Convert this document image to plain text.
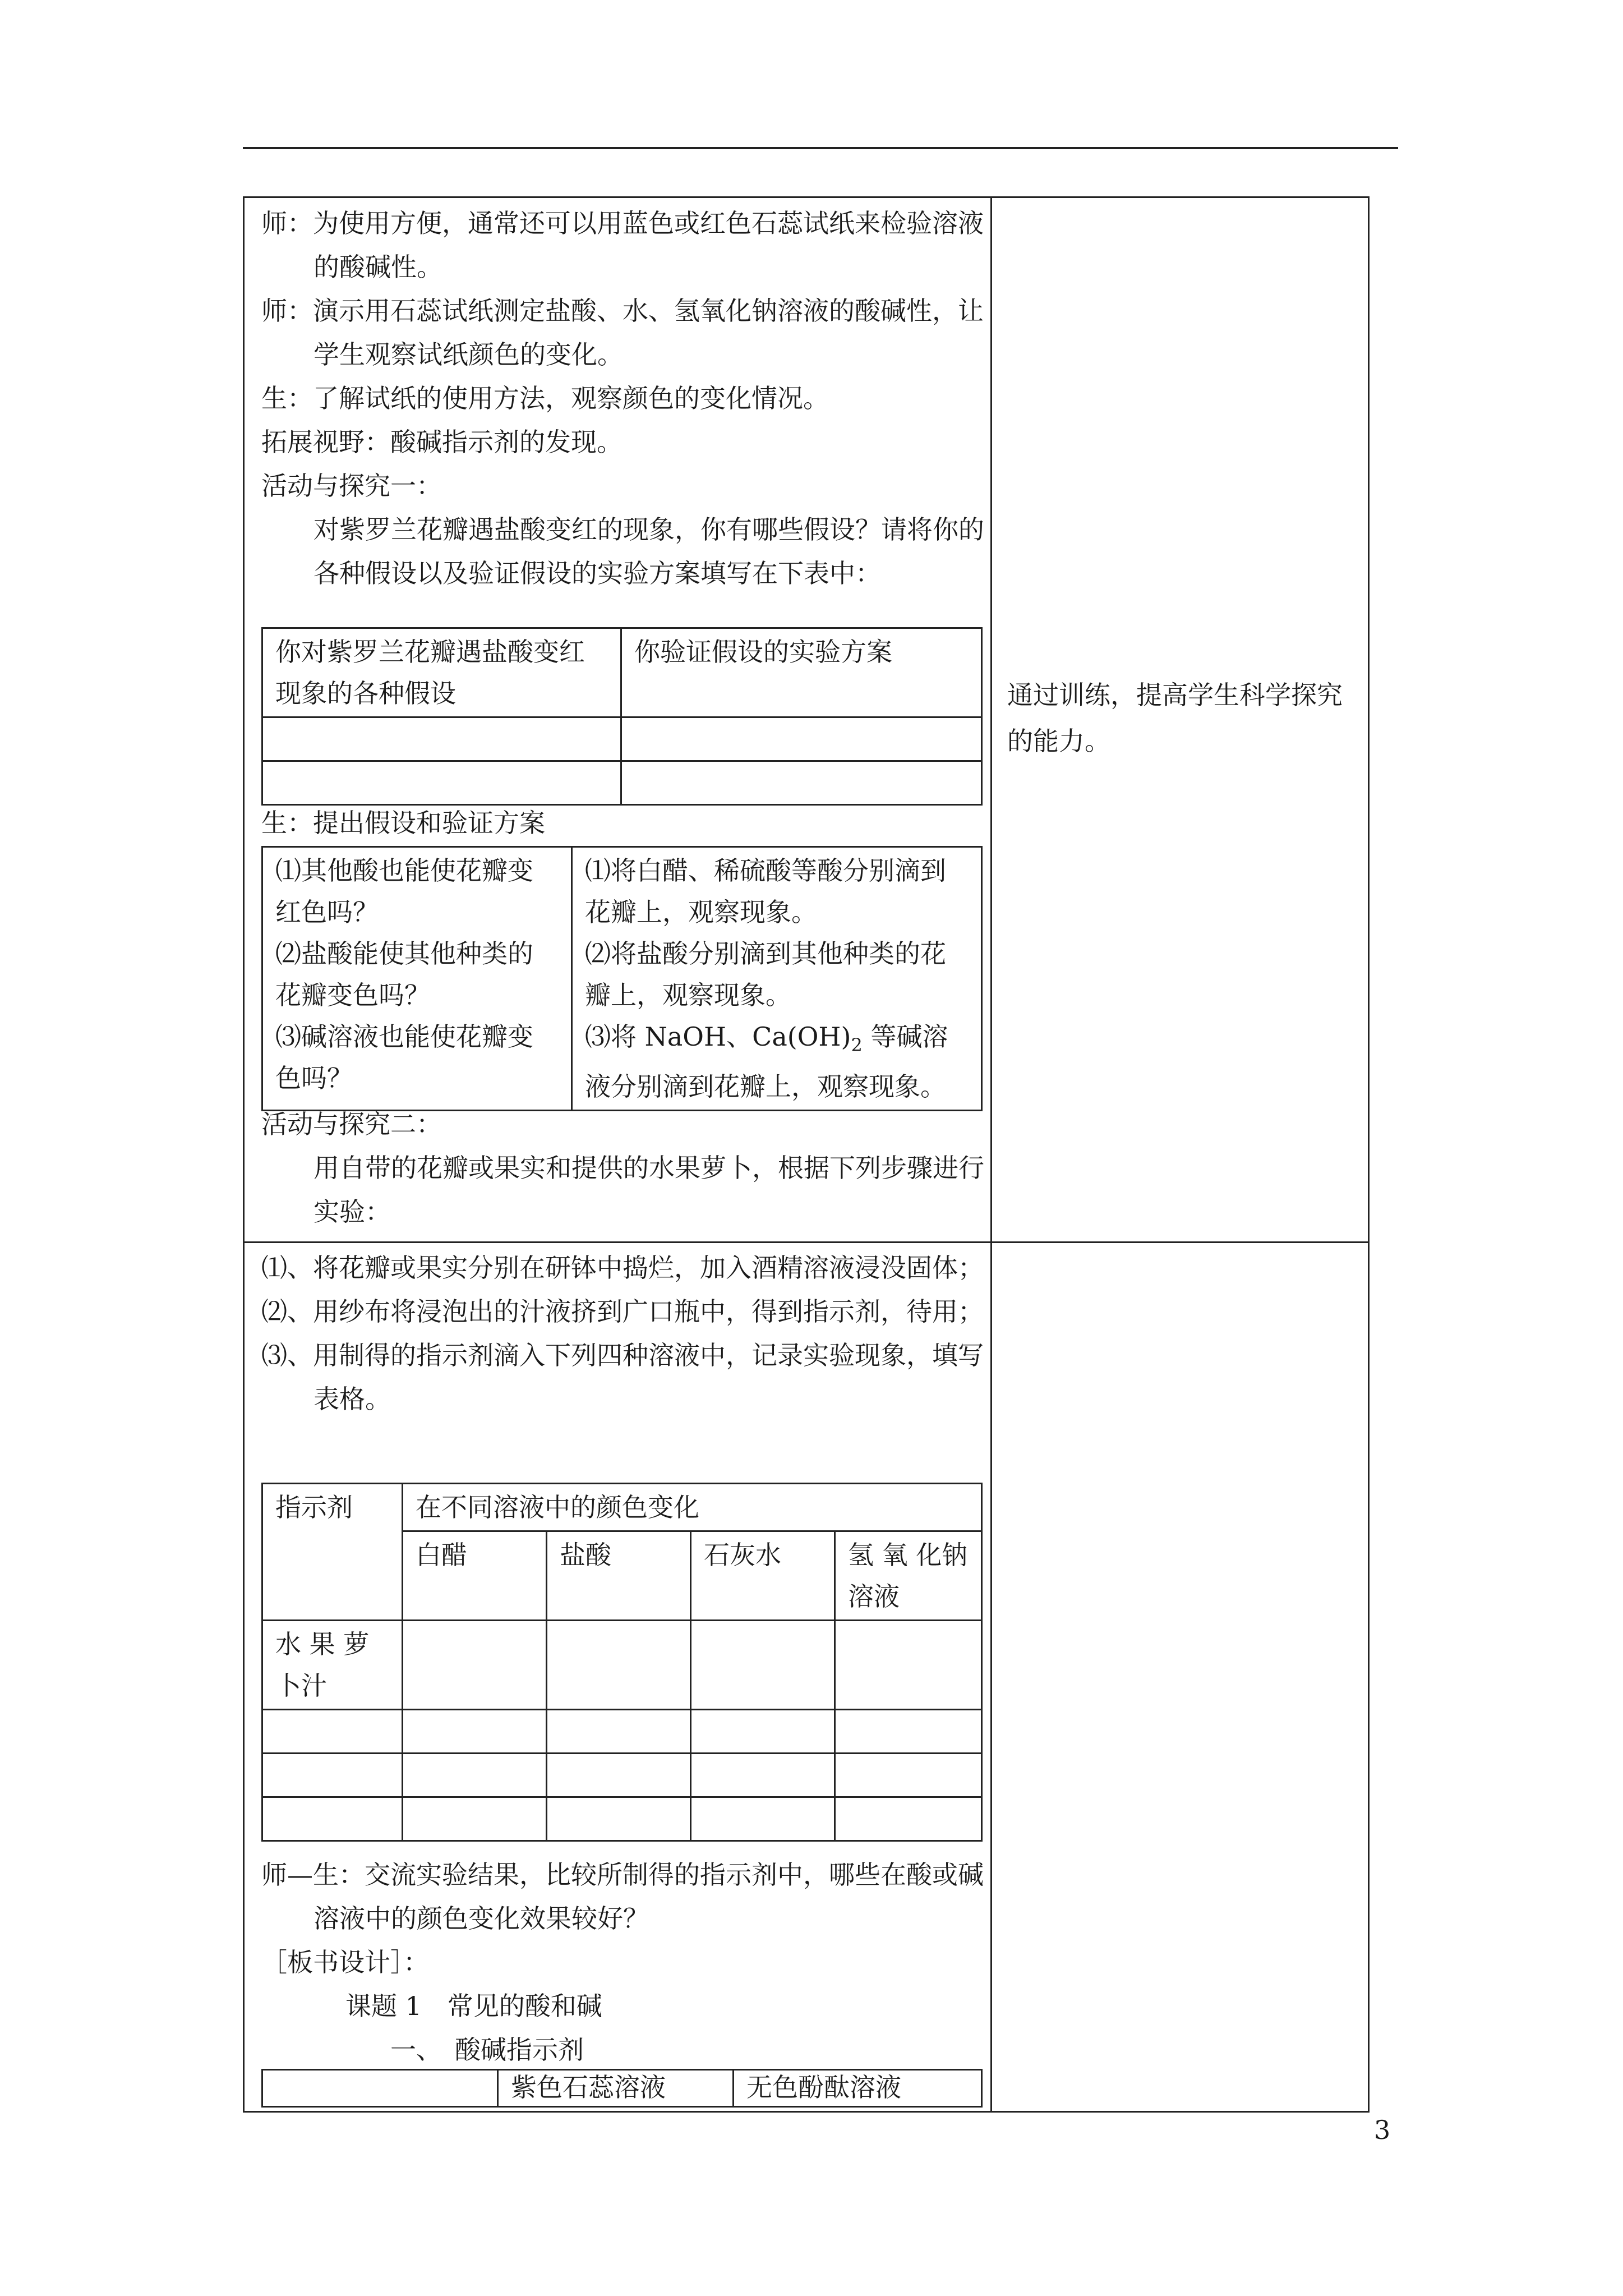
通过训练，提高学生科学探究的能力。

师：为使用方便，通常还可以用蓝色或红色石蕊试纸来检验溶液的酸碱性。

师：演示用石蕊试纸测定盐酸、水、氢氧化钠溶液的酸碱性，让学生观察试纸颜色的变化。

生：了解试纸的使用方法，观察颜色的变化情况。

拓展视野：酸碱指示剂的发现。

活动与探究一：

对紫罗兰花瓣遇盐酸变红的现象，你有哪些假设？请将你的各种假设以及验证假设的实验方案填写在下表中：

你对紫罗兰花瓣遇盐酸变红现象的各种假设	你验证假设的实验方案

生：提出假设和验证方案

⑴其他酸也能使花瓣变红色吗？
⑵盐酸能使其他种类的花瓣变色吗？
⑶碱溶液也能使花瓣变色吗？

⑴将白醋、稀硫酸等酸分别滴到花瓣上，观察现象。
⑵将盐酸分别滴到其他种类的花瓣上，观察现象。
⑶将 NaOH、$Ca(OH)_2$ 等碱溶液分别滴到花瓣上，观察现象。

活动与探究二：

用自带的花瓣或果实和提供的水果萝卜，根据下列步骤进行实验：

⑴、将花瓣或果实分别在研钵中捣烂，加入酒精溶液浸没固体；

⑵、用纱布将浸泡出的汁液挤到广口瓶中，得到指示剂，待用；

⑶、用制得的指示剂滴入下列四种溶液中，记录实验现象，填写表格。

指示剂	在不同溶液中的颜色变化			
	白醋	盐酸	石灰水	氢 氧 化钠溶液
水 果 萝卜汁				

师—生：交流实验结果，比较所制得的指示剂中，哪些在酸或碱溶液中的颜色变化效果较好？

［板书设计］：

课题 1　常见的酸和碱

一、　酸碱指示剂

	紫色石蕊溶液	无色酚酞溶液
3
